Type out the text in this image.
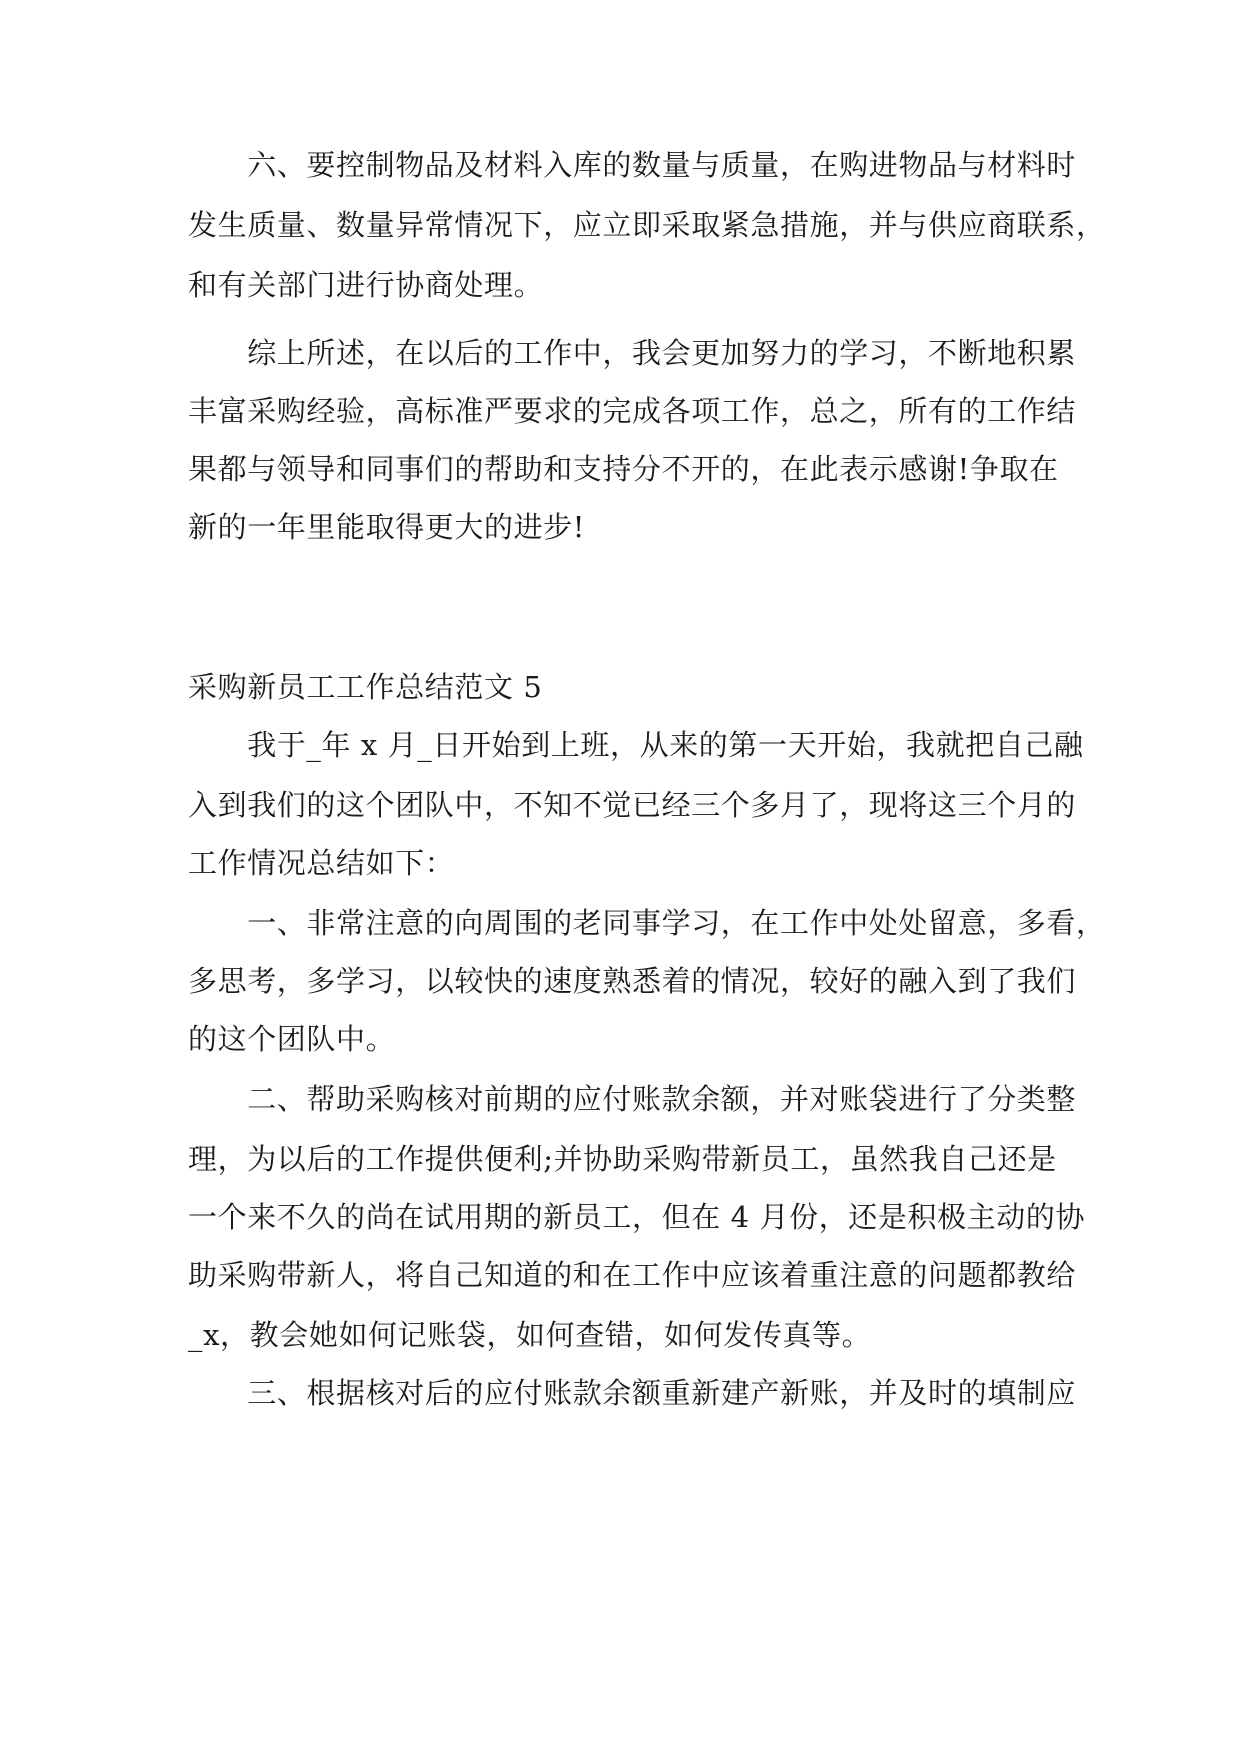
　　六、要控制物品及材料入库的数量与质量，在购进物品与材料时
发生质量、数量异常情况下，应立即采取紧急措施，并与供应商联系，
和有关部门进行协商处理。
　　综上所述，在以后的工作中，我会更加努力的学习，不断地积累
丰富采购经验，高标准严要求的完成各项工作，总之，所有的工作结
果都与领导和同事们的帮助和支持分不开的，在此表示感谢!争取在
新的一年里能取得更大的进步!
采购新员工工作总结范文 5
　　我于_年 x 月_日开始到上班，从来的第一天开始，我就把自己融
入到我们的这个团队中，不知不觉已经三个多月了，现将这三个月的
工作情况总结如下：
　　一、非常注意的向周围的老同事学习，在工作中处处留意，多看，
多思考，多学习，以较快的速度熟悉着的情况，较好的融入到了我们
的这个团队中。
　　二、帮助采购核对前期的应付账款余额，并对账袋进行了分类整
理，为以后的工作提供便利;并协助采购带新员工，虽然我自己还是
一个来不久的尚在试用期的新员工，但在 4 月份，还是积极主动的协
助采购带新人，将自己知道的和在工作中应该着重注意的问题都教给
_x，教会她如何记账袋，如何查错，如何发传真等。
　　三、根据核对后的应付账款余额重新建产新账，并及时的填制应
